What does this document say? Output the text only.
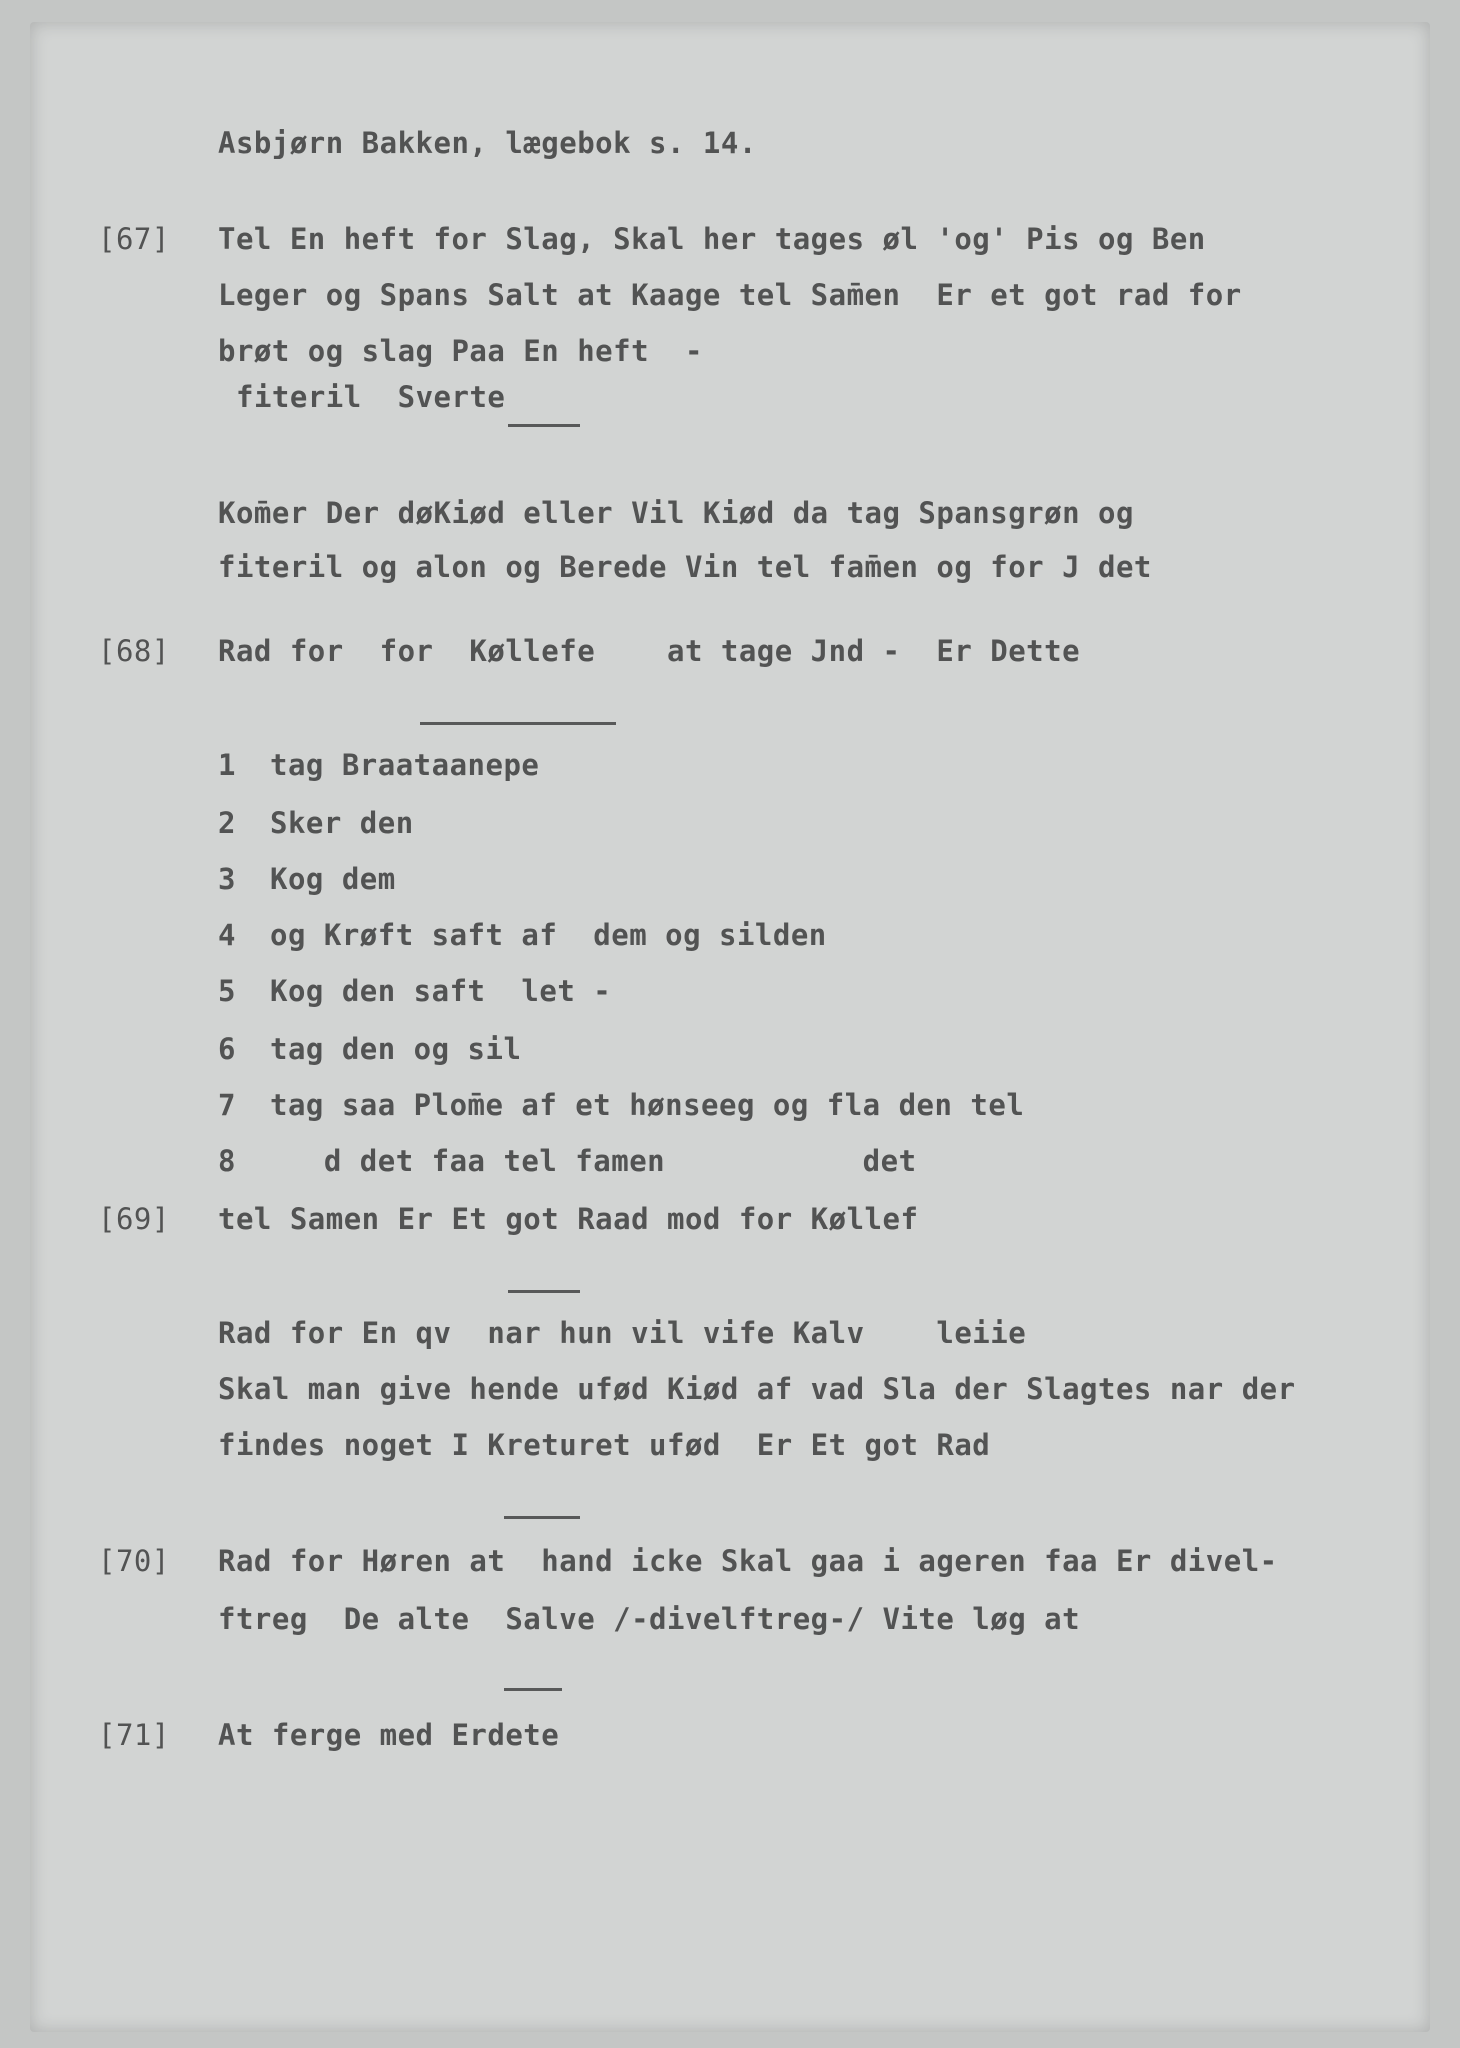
Asbjørn Bakken, lægebok s. 14.
[67] Tel En heft for Slag, Skal her tages øl 'og' Pis og Ben
Leger og Spans Salt at Kaage tel Sam̄en  Er et got rad for
brøt og slag Paa En heft  -
fiteril  Sverte
Kom̄er Der døKiød eller Vil Kiød da tag Spansgrøn og
fiteril og alon og Berede Vin tel fam̄en og for J det
[68] Rad for  for  Køllefe    at tage Jnd -  Er Dette
1 tag Braataanepe
2 Sker den
3 Kog dem
4 og Krøft saft af  dem og silden
5 Kog den saft  let -
6 tag den og sil
7 tag saa Plom̄e af et hønseeg og fla den tel
8 d det faa tel famen           det
[69] tel Samen Er Et got Raad mod for Køllef
Rad for En qv  nar hun vil vife Kalv    leiie
Skal man give hende ufød Kiød af vad Sla der Slagtes nar der
findes noget I Kreturet ufød  Er Et got Rad
[70] Rad for Høren at  hand icke Skal gaa i ageren faa Er divel-
ftreg  De alte  Salve /-divelftreg-/ Vite løg at
[71] At ferge med Erdete
